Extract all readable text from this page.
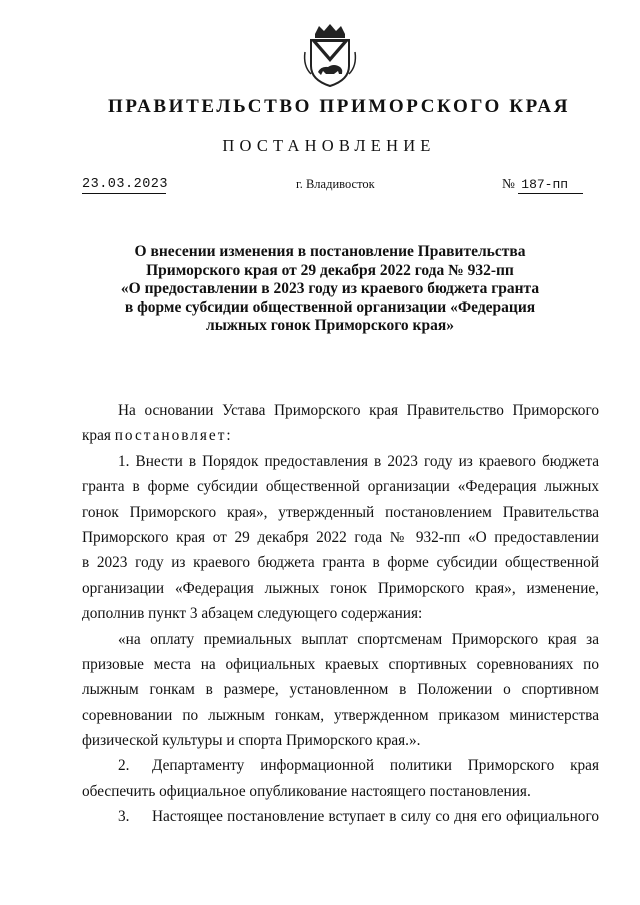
ПРАВИТЕЛЬСТВО ПРИМОРСКОГО КРАЯ
ПОСТАНОВЛЕНИЕ
23.03.2023	г. Владивосток	№ 187-пп
О внесении изменения в постановление Правительства
Приморского края от 29 декабря 2022 года № 932-пп
«О предоставлении в 2023 году из краевого бюджета гранта
в форме субсидии общественной организации «Федерация
лыжных гонок Приморского края»
На основании Устава Приморского края Правительство Приморского
края постановляет:
1. Внести в Порядок предоставления в 2023 году из краевого бюджета
гранта в форме субсидии общественной организации «Федерация лыжных
гонок Приморского края», утвержденный постановлением Правительства
Приморского края от 29 декабря 2022 года № 932-пп «О предоставлении
в 2023 году из краевого бюджета гранта в форме субсидии общественной
организации «Федерация лыжных гонок Приморского края», изменение,
дополнив пункт 3 абзацем следующего содержания:
«на оплату премиальных выплат спортсменам Приморского края за
призовые места на официальных краевых спортивных соревнованиях по
лыжным гонкам в размере, установленном в Положении о спортивном
соревновании по лыжным гонкам, утвержденном приказом министерства
физической культуры и спорта Приморского края.».
2. Департаменту информационной политики Приморского края
обеспечить официальное опубликование настоящего постановления.
3. Настоящее постановление вступает в силу со дня его официального
